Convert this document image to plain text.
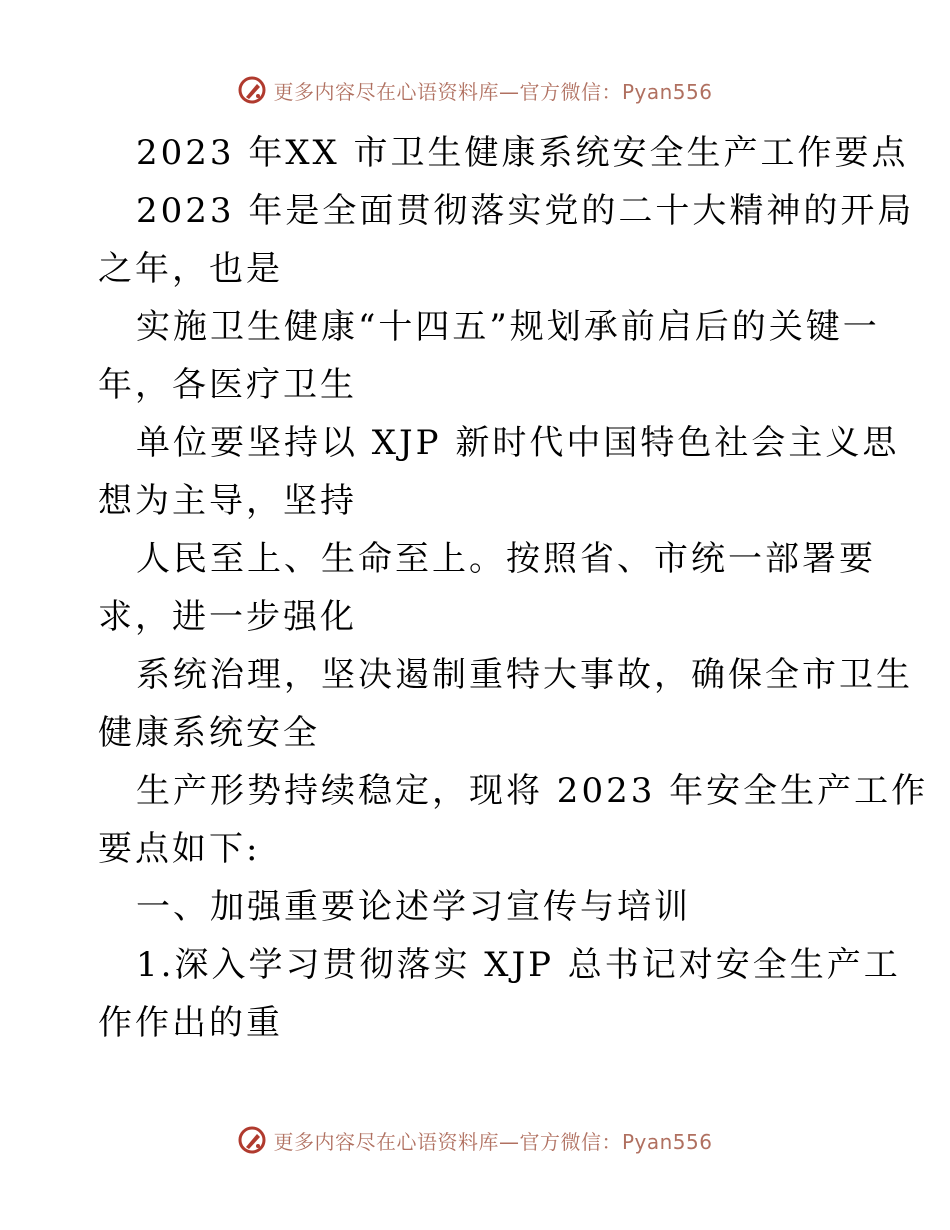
更多内容尽在心语资料库—官方微信：Pyan556
2023 年XX 市卫生健康系统安全生产工作要点
2023 年是全面贯彻落实党的二十大精神的开局
之年，也是
实施卫生健康“十四五”规划承前启后的关键一
年，各医疗卫生
单位要坚持以 XJP 新时代中国特色社会主义思
想为主导，坚持
人民至上、生命至上。按照省、市统一部署要
求，进一步强化
系统治理，坚决遏制重特大事故，确保全市卫生
健康系统安全
生产形势持续稳定，现将 2023 年安全生产工作
要点如下:
一、加强重要论述学习宣传与培训
1.深入学习贯彻落实 XJP 总书记对安全生产工
作作出的重
更多内容尽在心语资料库—官方微信：Pyan556
